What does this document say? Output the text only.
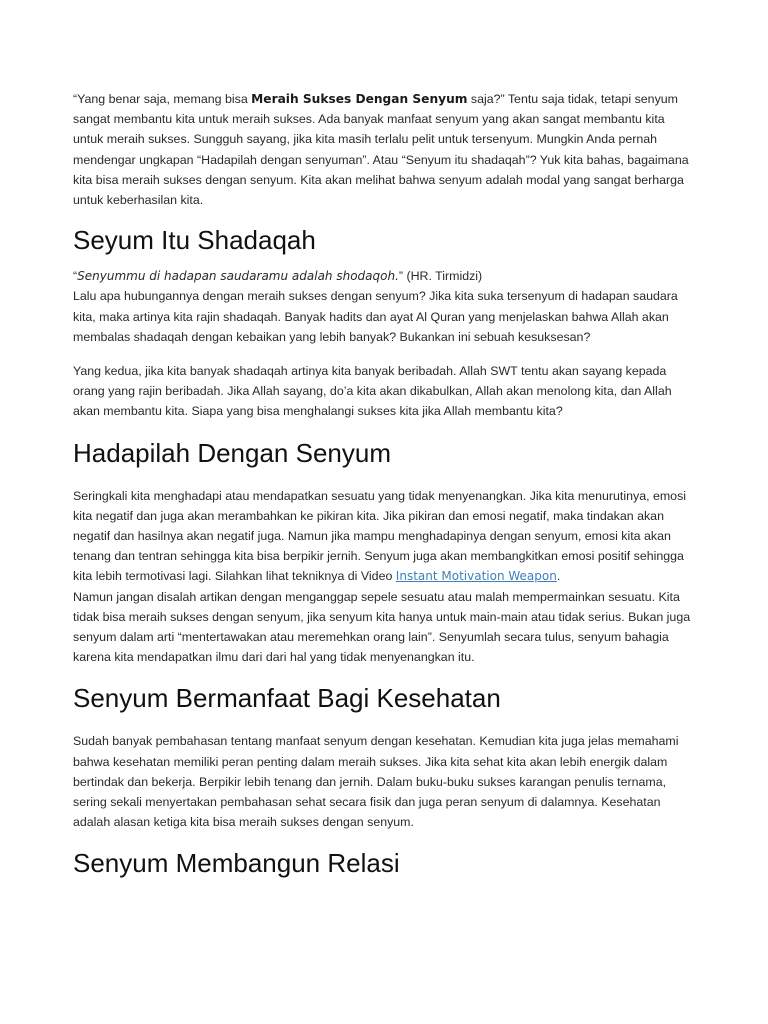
“Yang benar saja, memang bisa Meraih Sukses Dengan Senyum saja?” Tentu saja tidak, tetapi senyum sangat membantu kita untuk meraih sukses. Ada banyak manfaat senyum yang akan sangat membantu kita untuk meraih sukses. Sungguh sayang, jika kita masih terlalu pelit untuk tersenyum. Mungkin Anda pernah mendengar ungkapan “Hadapilah dengan senyuman”. Atau “Senyum itu shadaqah”? Yuk kita bahas, bagaimana kita bisa meraih sukses dengan senyum. Kita akan melihat bahwa senyum adalah modal yang sangat berharga untuk keberhasilan kita.

Seyum Itu Shadaqah

“Senyummu di hadapan saudaramu adalah shodaqoh.” (HR. Tirmidzi)

Lalu apa hubungannya dengan meraih sukses dengan senyum? Jika kita suka tersenyum di hadapan saudara kita, maka artinya kita rajin shadaqah. Banyak hadits dan ayat Al Quran yang menjelaskan bahwa Allah akan membalas shadaqah dengan kebaikan yang lebih banyak? Bukankan ini sebuah kesuksesan?

Yang kedua, jika kita banyak shadaqah artinya kita banyak beribadah. Allah SWT tentu akan sayang kepada orang yang rajin beribadah. Jika Allah sayang, do’a kita akan dikabulkan, Allah akan menolong kita, dan Allah akan membantu kita. Siapa yang bisa menghalangi sukses kita jika Allah membantu kita?

Hadapilah Dengan Senyum

Seringkali kita menghadapi atau mendapatkan sesuatu yang tidak menyenangkan. Jika kita menurutinya, emosi kita negatif dan juga akan merambahkan ke pikiran kita. Jika pikiran dan emosi negatif, maka tindakan akan negatif dan hasilnya akan negatif juga. Namun jika mampu menghadapinya dengan senyum, emosi kita akan tenang dan tentran sehingga kita bisa berpikir jernih. Senyum juga akan membangkitkan emosi positif sehingga kita lebih termotivasi lagi. Silahkan lihat tekniknya di Video Instant Motivation Weapon.

Namun jangan disalah artikan dengan menganggap sepele sesuatu atau malah mempermainkan sesuatu. Kita tidak bisa meraih sukses dengan senyum, jika senyum kita hanya untuk main-main atau tidak serius. Bukan juga senyum dalam arti “mentertawakan atau meremehkan orang lain”. Senyumlah secara tulus, senyum bahagia karena kita mendapatkan ilmu dari dari hal yang tidak menyenangkan itu.

Senyum Bermanfaat Bagi Kesehatan

Sudah banyak pembahasan tentang manfaat senyum dengan kesehatan. Kemudian kita juga jelas memahami bahwa kesehatan memiliki peran penting dalam meraih sukses. Jika kita sehat kita akan lebih energik dalam bertindak dan bekerja. Berpikir lebih tenang dan jernih. Dalam buku-buku sukses karangan penulis ternama, sering sekali menyertakan pembahasan sehat secara fisik dan juga peran senyum di dalamnya. Kesehatan adalah alasan ketiga kita bisa meraih sukses dengan senyum.

Senyum Membangun Relasi
